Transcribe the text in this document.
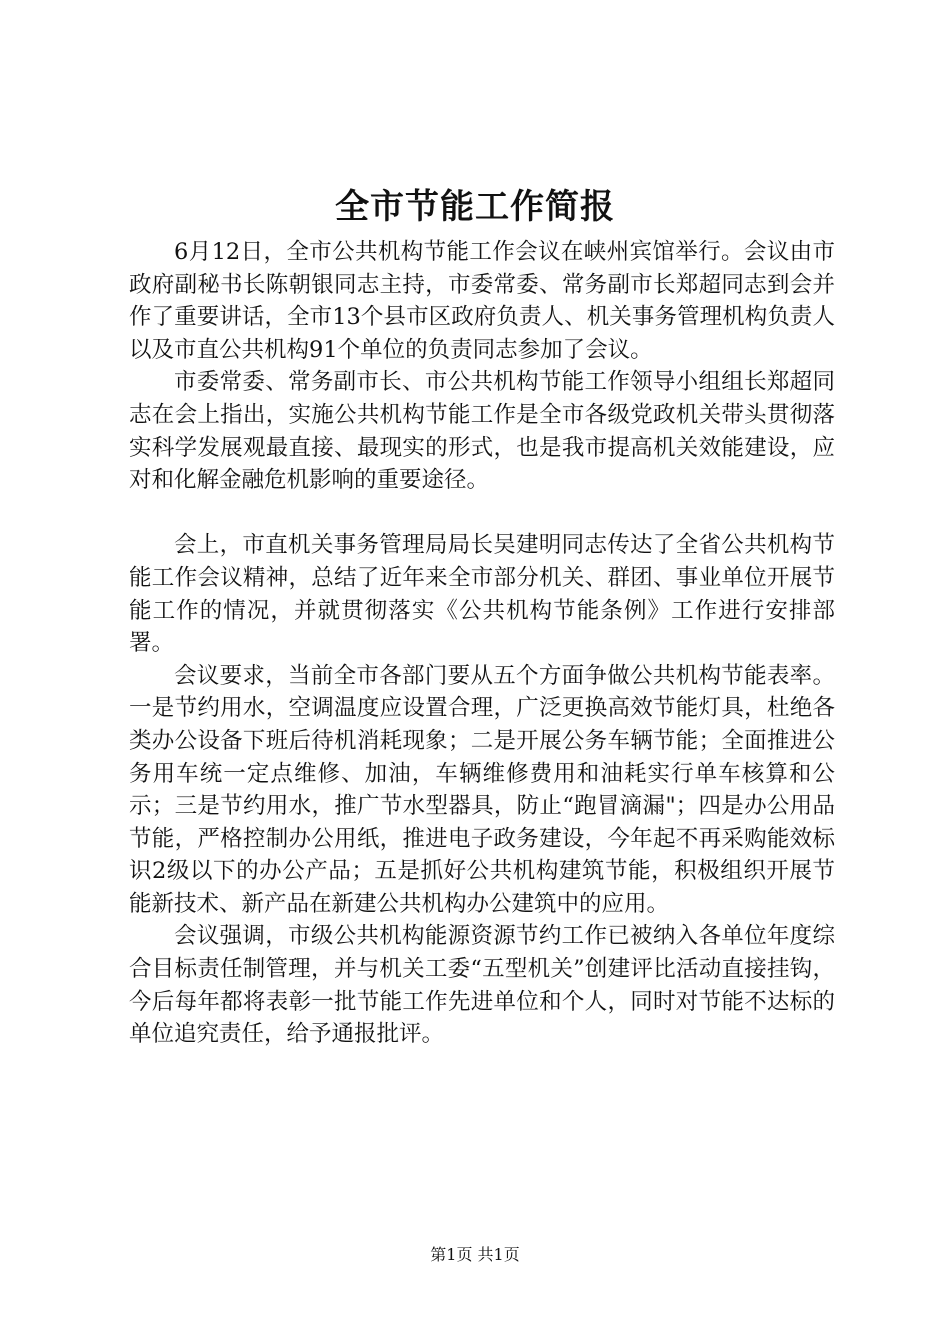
全市节能工作简报

6月12日，全市公共机构节能工作会议在峡州宾馆举行。会议由市政府副秘书长陈朝银同志主持，市委常委、常务副市长郑超同志到会并作了重要讲话，全市13个县市区政府负责人、机关事务管理机构负责人以及市直公共机构91个单位的负责同志参加了会议。

市委常委、常务副市长、市公共机构节能工作领导小组组长郑超同志在会上指出，实施公共机构节能工作是全市各级党政机关带头贯彻落实科学发展观最直接、最现实的形式，也是我市提高机关效能建设，应对和化解金融危机影响的重要途径。

会上，市直机关事务管理局局长吴建明同志传达了全省公共机构节能工作会议精神，总结了近年来全市部分机关、群团、事业单位开展节能工作的情况，并就贯彻落实《公共机构节能条例》工作进行安排部署。

会议要求，当前全市各部门要从五个方面争做公共机构节能表率。一是节约用水，空调温度应设置合理，广泛更换高效节能灯具，杜绝各类办公设备下班后待机消耗现象；二是开展公务车辆节能；全面推进公务用车统一定点维修、加油，车辆维修费用和油耗实行单车核算和公示；三是节约用水，推广节水型器具，防止“跑冒滴漏"；四是办公用品节能，严格控制办公用纸，推进电子政务建设，今年起不再采购能效标识2级以下的办公产品；五是抓好公共机构建筑节能，积极组织开展节能新技术、新产品在新建公共机构办公建筑中的应用。

会议强调，市级公共机构能源资源节约工作已被纳入各单位年度综合目标责任制管理，并与机关工委“五型机关”创建评比活动直接挂钩，今后每年都将表彰一批节能工作先进单位和个人，同时对节能不达标的单位追究责任，给予通报批评。

第1页 共1页
